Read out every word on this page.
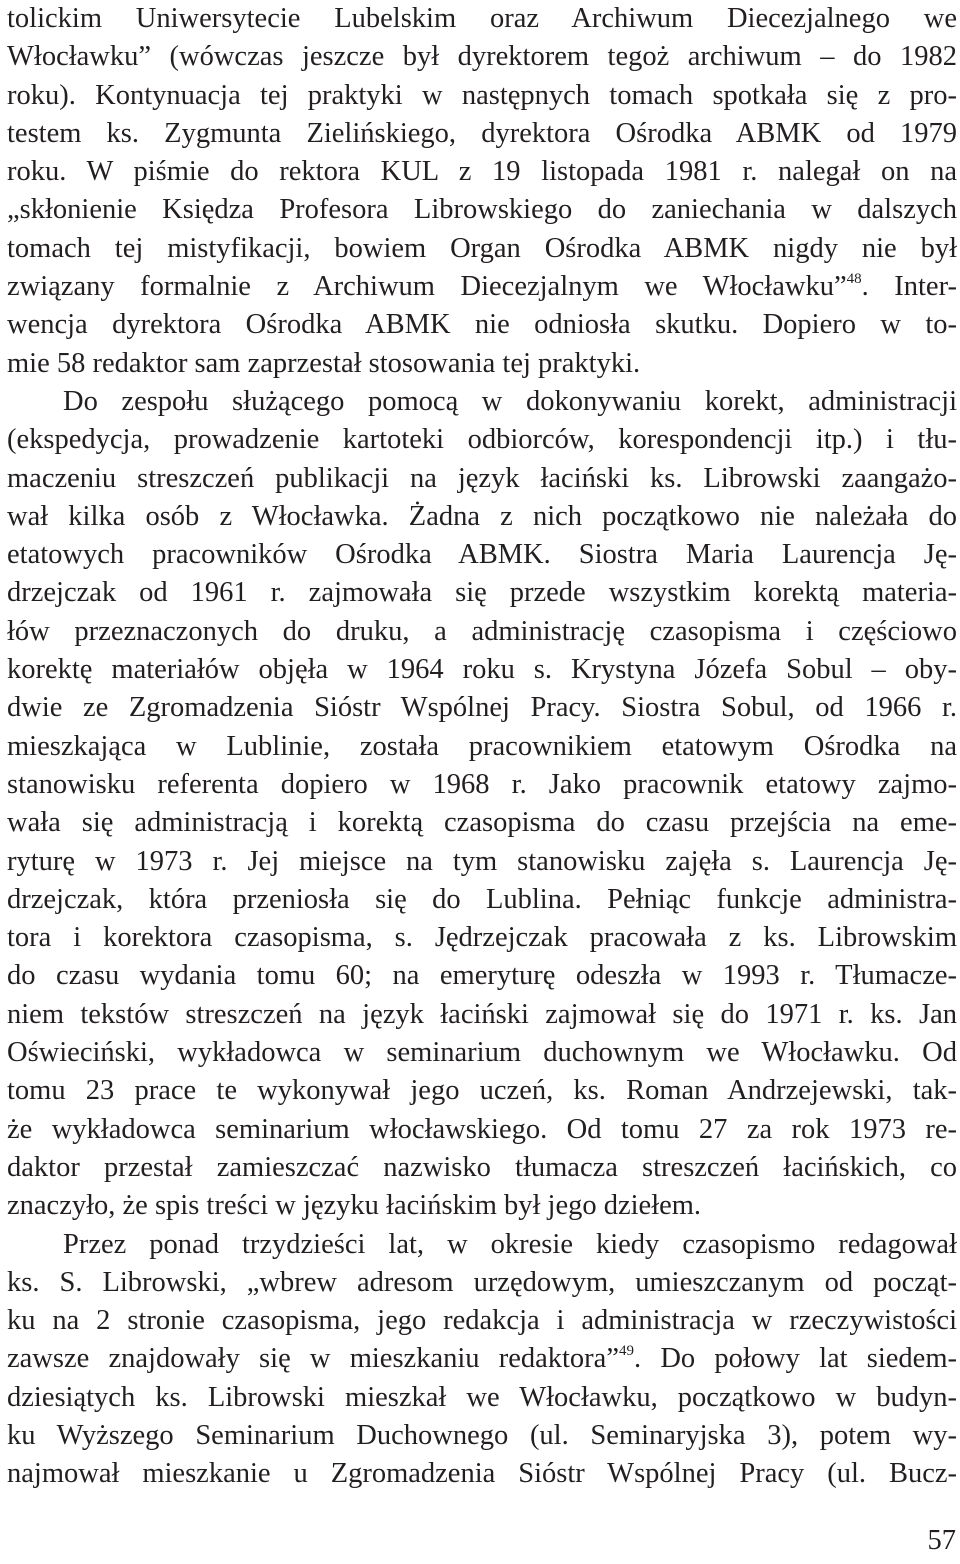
tolickim Uniwersytecie Lubelskim oraz Archiwum Diecezjalnego we
Włocławku” (wówczas jeszcze był dyrektorem tegoż archiwum – do 1982
roku). Kontynuacja tej praktyki w następnych tomach spotkała się z pro-
testem ks. Zygmunta Zielińskiego, dyrektora Ośrodka ABMK od 1979
roku. W piśmie do rektora KUL z 19 listopada 1981 r. nalegał on na
„skłonienie Księdza Profesora Librowskiego do zaniechania w dalszych
tomach tej mistyfikacji, bowiem Organ Ośrodka ABMK nigdy nie był
związany formalnie z Archiwum Diecezjalnym we Włocławku”$^{48}$. Inter-
wencja dyrektora Ośrodka ABMK nie odniosła skutku. Dopiero w to-
mie 58 redaktor sam zaprzestał stosowania tej praktyki.
Do zespołu służącego pomocą w dokonywaniu korekt, administracji
(ekspedycja, prowadzenie kartoteki odbiorców, korespondencji itp.) i tłu-
maczeniu streszczeń publikacji na język łaciński ks. Librowski zaangażo-
wał kilka osób z Włocławka. Żadna z nich początkowo nie należała do
etatowych pracowników Ośrodka ABMK. Siostra Maria Laurencja Ję-
drzejczak od 1961 r. zajmowała się przede wszystkim korektą materia-
łów przeznaczonych do druku, a administrację czasopisma i częściowo
korektę materiałów objęła w 1964 roku s. Krystyna Józefa Sobul – oby-
dwie ze Zgromadzenia Sióstr Wspólnej Pracy. Siostra Sobul, od 1966 r.
mieszkająca w Lublinie, została pracownikiem etatowym Ośrodka na
stanowisku referenta dopiero w 1968 r. Jako pracownik etatowy zajmo-
wała się administracją i korektą czasopisma do czasu przejścia na eme-
ryturę w 1973 r. Jej miejsce na tym stanowisku zajęła s. Laurencja Ję-
drzejczak, która przeniosła się do Lublina. Pełniąc funkcje administra-
tora i korektora czasopisma, s. Jędrzejczak pracowała z ks. Librowskim
do czasu wydania tomu 60; na emeryturę odeszła w 1993 r. Tłumacze-
niem tekstów streszczeń na język łaciński zajmował się do 1971 r. ks. Jan
Oświeciński, wykładowca w seminarium duchownym we Włocławku. Od
tomu 23 prace te wykonywał jego uczeń, ks. Roman Andrzejewski, tak-
że wykładowca seminarium włocławskiego. Od tomu 27 za rok 1973 re-
daktor przestał zamieszczać nazwisko tłumacza streszczeń łacińskich, co
znaczyło, że spis treści w języku łacińskim był jego dziełem.
Przez ponad trzydzieści lat, w okresie kiedy czasopismo redagował
ks. S. Librowski, „wbrew adresom urzędowym, umieszczanym od począt-
ku na 2 stronie czasopisma, jego redakcja i administracja w rzeczywistości
zawsze znajdowały się w mieszkaniu redaktora”$^{49}$. Do połowy lat siedem-
dziesiątych ks. Librowski mieszkał we Włocławku, początkowo w budyn-
ku Wyższego Seminarium Duchownego (ul. Seminaryjska 3), potem wy-
najmował mieszkanie u Zgromadzenia Sióstr Wspólnej Pracy (ul. Bucz-
57
